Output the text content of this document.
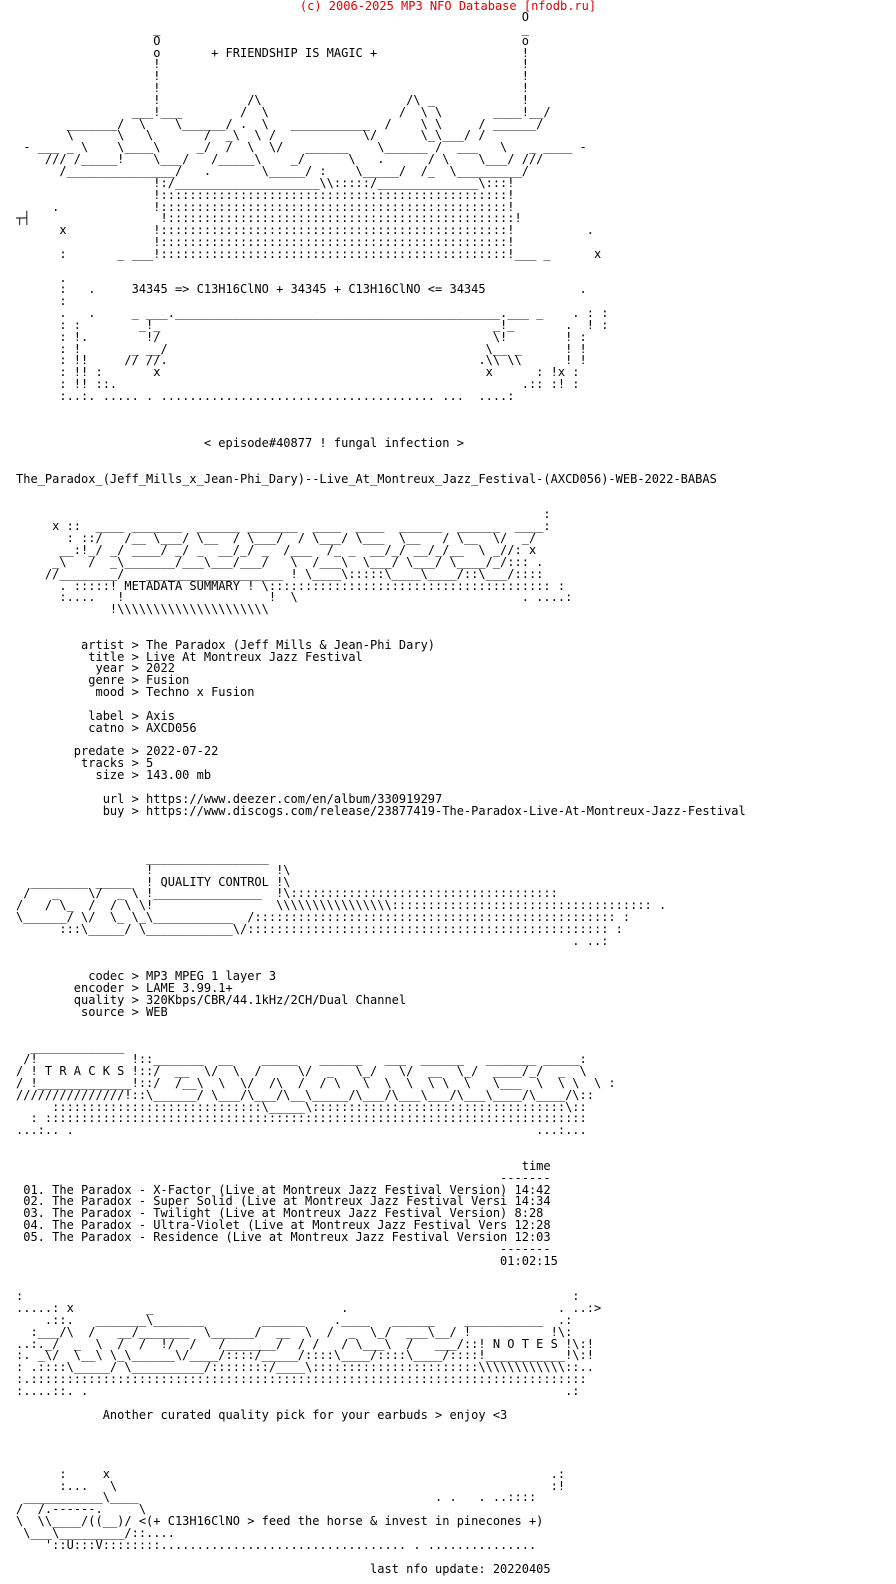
(c) 2006-2025 MP3 NFO Database [nfodb.ru]
O
_                                                  _
O                                                  o
o       + FRIENDSHIP IS MAGIC +                    !
!                                                  !
!                                                  !
!                                                  !
!            /\                    /\ _            !
___!___        /  \                  /  \ \       ____!__/
_______/  \    \______/ .  \   ___________  /    \ \     / ______/
\      \   \       /  _\  \ /            \/      \_\___/ /
- ___ _ \    \____\     _/  /  \  \/   ______    \______ /  ___   \   _ ____ -
/// /_____!    \___/   /_____\    _/      \   .      / \    \___/ ///
/_______________/   .       \_____/ :    \_____/  /_  \_________/
!:/____________________\\:::::/______________\:::!
!::::::::::::::::::::::::::::::::::::::::::::::::!
.             !::::::::::::::::::::::::::::::::::::::::::::::::!
┬┤                  !::::::::::::::::::::::::::::::::::::::::::::::::!
x            !::::::::::::::::::::::::::::::::::::::::::::::::!          .
!::::::::::::::::::::::::::::::::::::::::::::::::!
:       _ ___!::::::::::::::::::::::::::::::::::::::::::::::::!___ _      x
.
:   .     34345 => C13H16ClNO + 34345 + C13H16ClNO <= 34345             .
:
.   .     _ ___._____________________________________________.___ _    . : :
: :        _!_                                              _!_       .  ! :
: !.        !/                                              \!        ! :
: !       _ __/                                            \__ _      ! !
: !!     // //.                                           .\\ \\      ! !
: !! :       x                                             x      : !x :
: !! ::.                                                        .:: :! :
:..:. ..... . ...................................... ...  ....:
< episode#40877 ! fungal infection >
The_Paradox_(Jeff_Mills_x_Jean-Phi_Dary)--Live_At_Montreux_Jazz_Festival-(AXCD056)-WEB-2022-BABAS
:
x ::  ____ _______  ______ _______  ____  ____  ______  ______  ____:
: ::/   /__ \___/ \__  / \___/  / \___/ \___  \__   / \__  \/  _/
__:!_/ _/ ____/ _/ _  __/_/ _  /___  /_ _  __/_/ __/_/__  \ _//: x
_\   /  _\_______/___\___/___/   \  /___\  \___/ \___/ \____/_/::: .
//________/   ___________________ ! \____\:::::\____\____/::\___/::::
. :::::! METADATA SUMMARY ! \::::::::::::::::::::::::::::::::::::::: :
:....   !                    !  \                               . ....:
!\\\\\\\\\\\\\\\\\\\\\
artist > The Paradox (Jeff Mills & Jean-Phi Dary)
title > Live At Montreux Jazz Festival
year > 2022
genre > Fusion
mood > Techno x Fusion
label > Axis
catno > AXCD056
predate > 2022-07-22
tracks > 5
size > 143.00 mb
url > https://www.deezer.com/en/album/330919297
buy > https://www.discogs.com/release/23877419-The-Paradox-Live-At-Montreux-Jazz-Festival
_________________
!                 !\
________ _____  ! QUALITY CONTROL !\
/   _    \/  _ \ !_______________  !\:::::::::::::::::::::::::::::::::::::
/   / \_  /  / \ \!                 \\\\\\\\\\\\\\\\:::::::::::::::::::::::::::::::::::: .
\______/ \/  \_ \_\___________  /:::::::::::::::::::::::::::::::::::::::::::::::::: :
:::\_____/ \____________\/:::::::::::::::::::::::::::::::::::::::::::::::::: :
. ..:
codec > MP3 MPEG 1 layer 3
encoder > LAME 3.99.1+
quality > 320Kbps/CBR/44.1kHz/2CH/Dual Channel
source > WEB
_____________
/!             !::_______  __    _____   ______   ___  ______   _______ _____:
/ ! T R A C K S !::/  __  \/  \  /     \/  _   \_/   \/  __  \_/  ____/_/  _  \
/ !_____________!::/  /__\  \  \/  /\  /  / \   \  \  \  \ \  \   \___  \  \ \  \ :
///////////////!::\______/ \___/\___/\__\_____/\___/\___\___/\___\____/\____/\::
:::::::::::::::::::::::::::::\_____\:::::::::::::::::::::::::::::::::::\::
: :::::::::::::::::::::::::::::::::::::::::::::::::::::::::::::::::::::::::::
...:.. .                                                                ...:...
time
-------
01. The Paradox - X-Factor (Live at Montreux Jazz Festival Version) 14:42
02. The Paradox - Super Solid (Live at Montreux Jazz Festival Versi 14:34
03. The Paradox - Twilight (Live at Montreux Jazz Festival Version) 8:28
04. The Paradox - Ultra-Violet (Live at Montreux Jazz Festival Vers 12:28
05. The Paradox - Residence (Live at Montreux Jazz Festival Version 12:03
-------
01:02:15
:                                                                            :
.....: x          _                          .                             . ..:>
.::.   _______\_______        ______    .____   ______    ___________  .:
:___/\  /   __/_______  \______/  __  \  /  _  \_/  ___\__/ !           !\:
..:._/  _  \  /  /  !/  /   /_______/  / /   / \___\  /   ___/::! N O T E S !\:!
:. _\/  \__\ \_\______\/____/::::/_____/::::\____/::::\____/::::!___________!\:!
: .::::\_____/ \__________/::::::::/____\:::::::::::::::::::::::\\\\\\\\\\\\::..
:.:::::::::::::::::::::::::::::::::::::::::::::::::::::::::::::::::::::::::::::
:....::. .                                                                  .:
Another curated quality pick for your earbuds > enjoy <3
:     x                                                             .:
:...   \                                                            :!
___________\____                                         . .   . ..::::
/  /.------.     \
\  \\____/((__)/ <(+ C13H16ClNO > feed the horse & invest in pinecones +)
\___\_________/::....
'::U:::V::::::::.................................. . ...............
last nfo update: 20220405
